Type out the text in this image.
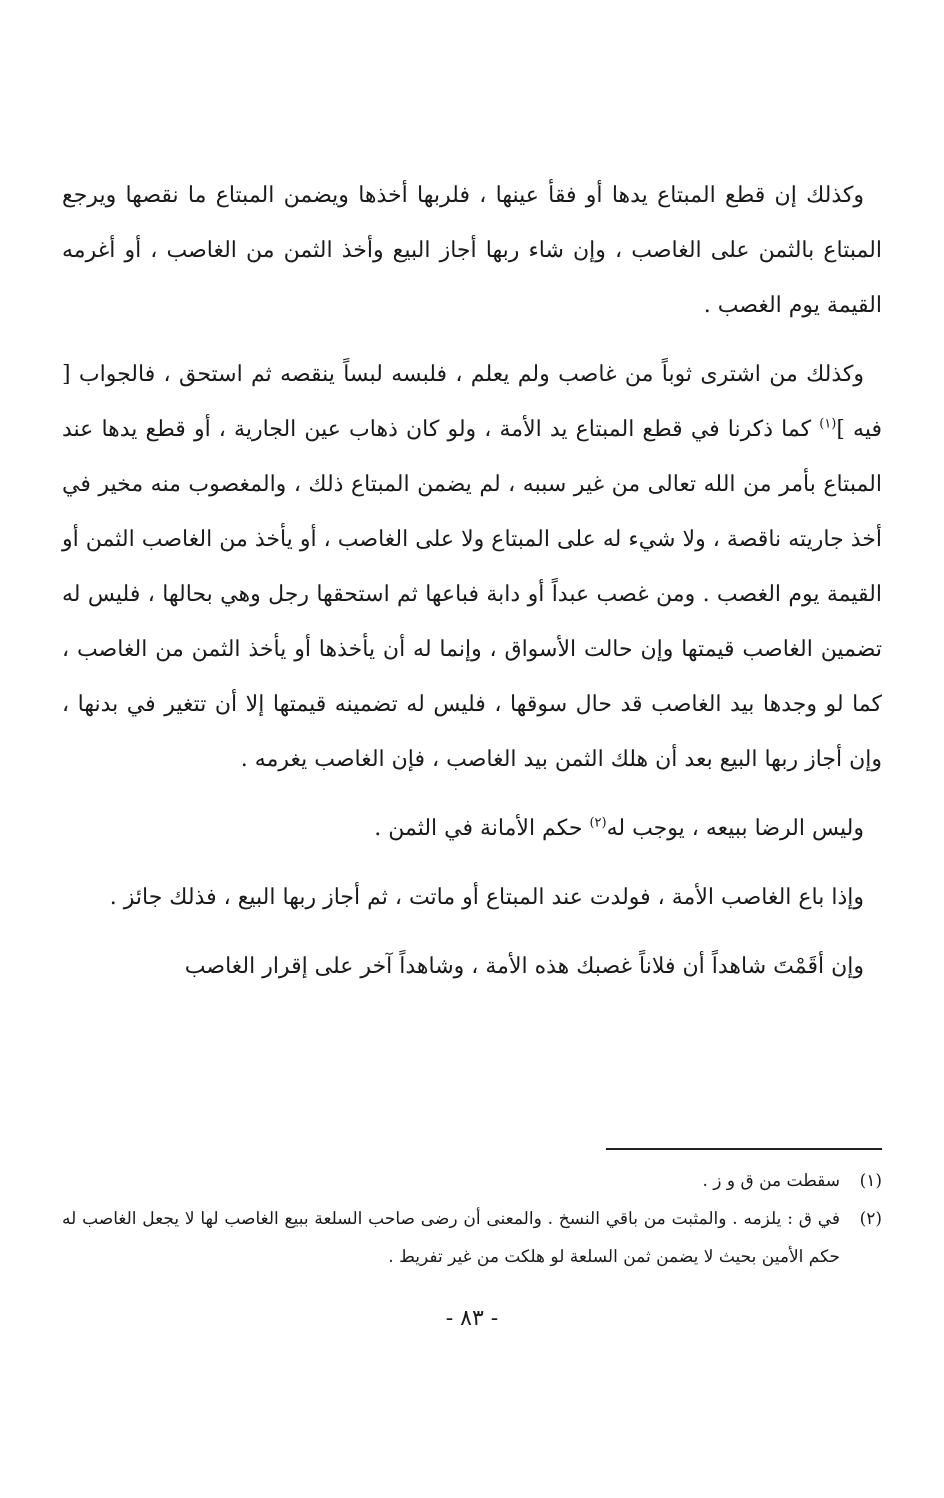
وكذلك إن قطع المبتاع يدها أو فقأ عينها ، فلربها أخذها ويضمن المبتاع ما نقصها ويرجع المبتاع بالثمن على الغاصب ، وإن شاء ربها أجاز البيع وأخذ الثمن من الغاصب ، أو أغرمه القيمة يوم الغصب .

وكذلك من اشترى ثوباً من غاصب ولم يعلم ، فلبسه لبساً ينقصه ثم استحق ، فالجواب [ فيه ]$^{(١)}$ كما ذكرنا في قطع المبتاع يد الأمة ، ولو كان ذهاب عين الجارية ، أو قطع يدها عند المبتاع بأمر من الله تعالى من غير سببه ، لم يضمن المبتاع ذلك ، والمغصوب منه مخير في أخذ جاريته ناقصة ، ولا شيء له على المبتاع ولا على الغاصب ، أو يأخذ من الغاصب الثمن أو القيمة يوم الغصب . ومن غصب عبداً أو دابة فباعها ثم استحقها رجل وهي بحالها ، فليس له تضمين الغاصب قيمتها وإن حالت الأسواق ، وإنما له أن يأخذها أو يأخذ الثمن من الغاصب ، كما لو وجدها بيد الغاصب قد حال سوقها ، فليس له تضمينه قيمتها إلا أن تتغير في بدنها ، وإن أجاز ربها البيع بعد أن هلك الثمن بيد الغاصب ، فإن الغاصب يغرمه .

وليس الرضا ببيعه ، يوجب له$^{(٢)}$ حكم الأمانة في الثمن .

وإذا باع الغاصب الأمة ، فولدت عند المبتاع أو ماتت ، ثم أجاز ربها البيع ، فذلك جائز .

وإن أقَمْتَ شاهداً أن فلاناً غصبك هذه الأمة ، وشاهداً آخر على إقرار الغاصب

(١)
سقطت من ق و ز .

(٢)
في ق : يلزمه . والمثبت من باقي النسخ . والمعنى أن رضى صاحب السلعة ببيع الغاصب لها لا يجعل الغاصب له حكم الأمين بحيث لا يضمن ثمن السلعة لو هلكت من غير تفريط .

- ٨٣ -
